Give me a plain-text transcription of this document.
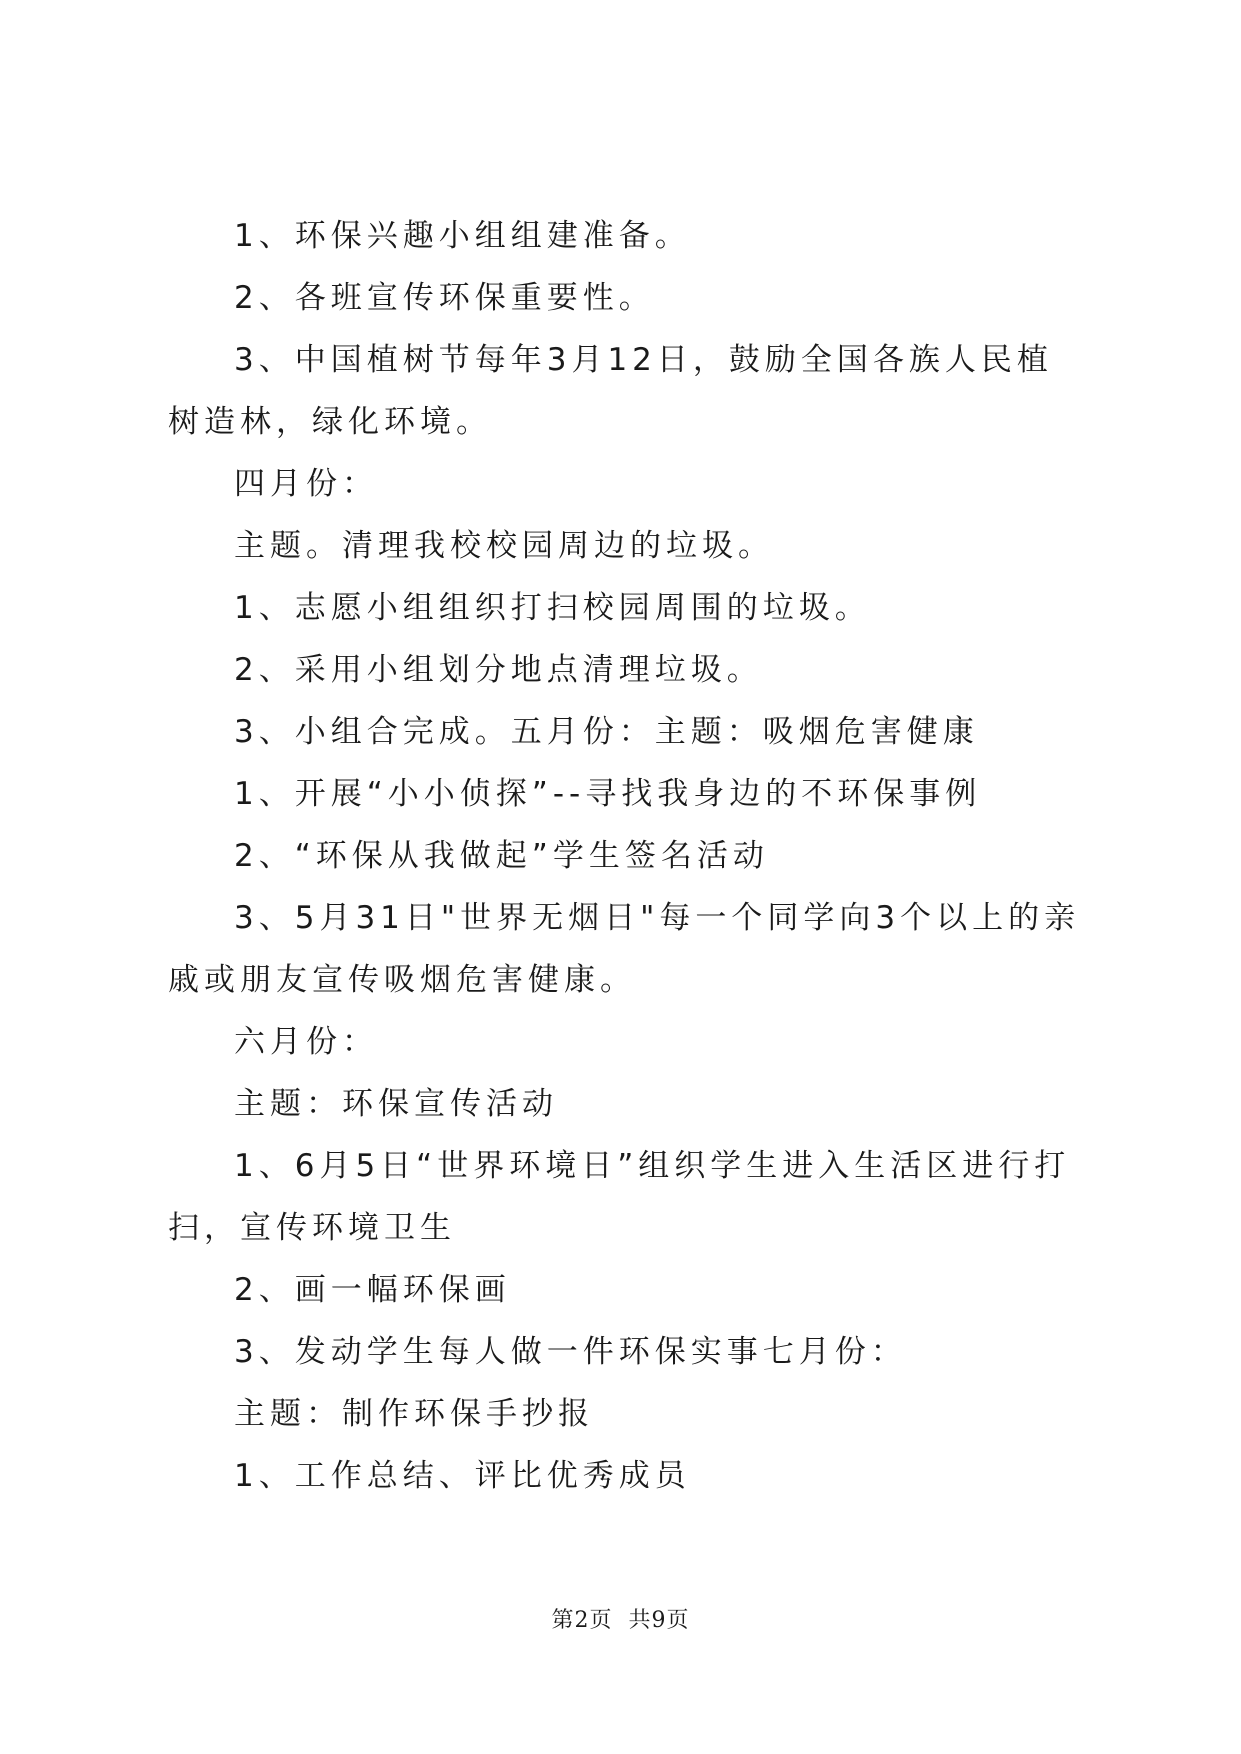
1、环保兴趣小组组建准备。

2、各班宣传环保重要性。

3、中国植树节每年3月12日，鼓励全国各族人民植树造林，绿化环境。

四月份：

主题。清理我校校园周边的垃圾。

1、志愿小组组织打扫校园周围的垃圾。

2、采用小组划分地点清理垃圾。

3、小组合完成。五月份：主题：吸烟危害健康

1、开展“小小侦探”--寻找我身边的不环保事例

2、“环保从我做起”学生签名活动

3、5月31日"世界无烟日"每一个同学向3个以上的亲戚或朋友宣传吸烟危害健康。

六月份：

主题：环保宣传活动

1、6月5日“世界环境日”组织学生进入生活区进行打扫，宣传环境卫生

2、画一幅环保画

3、发动学生每人做一件环保实事七月份：

主题：制作环保手抄报

1、工作总结、评比优秀成员

第2页 共9页
